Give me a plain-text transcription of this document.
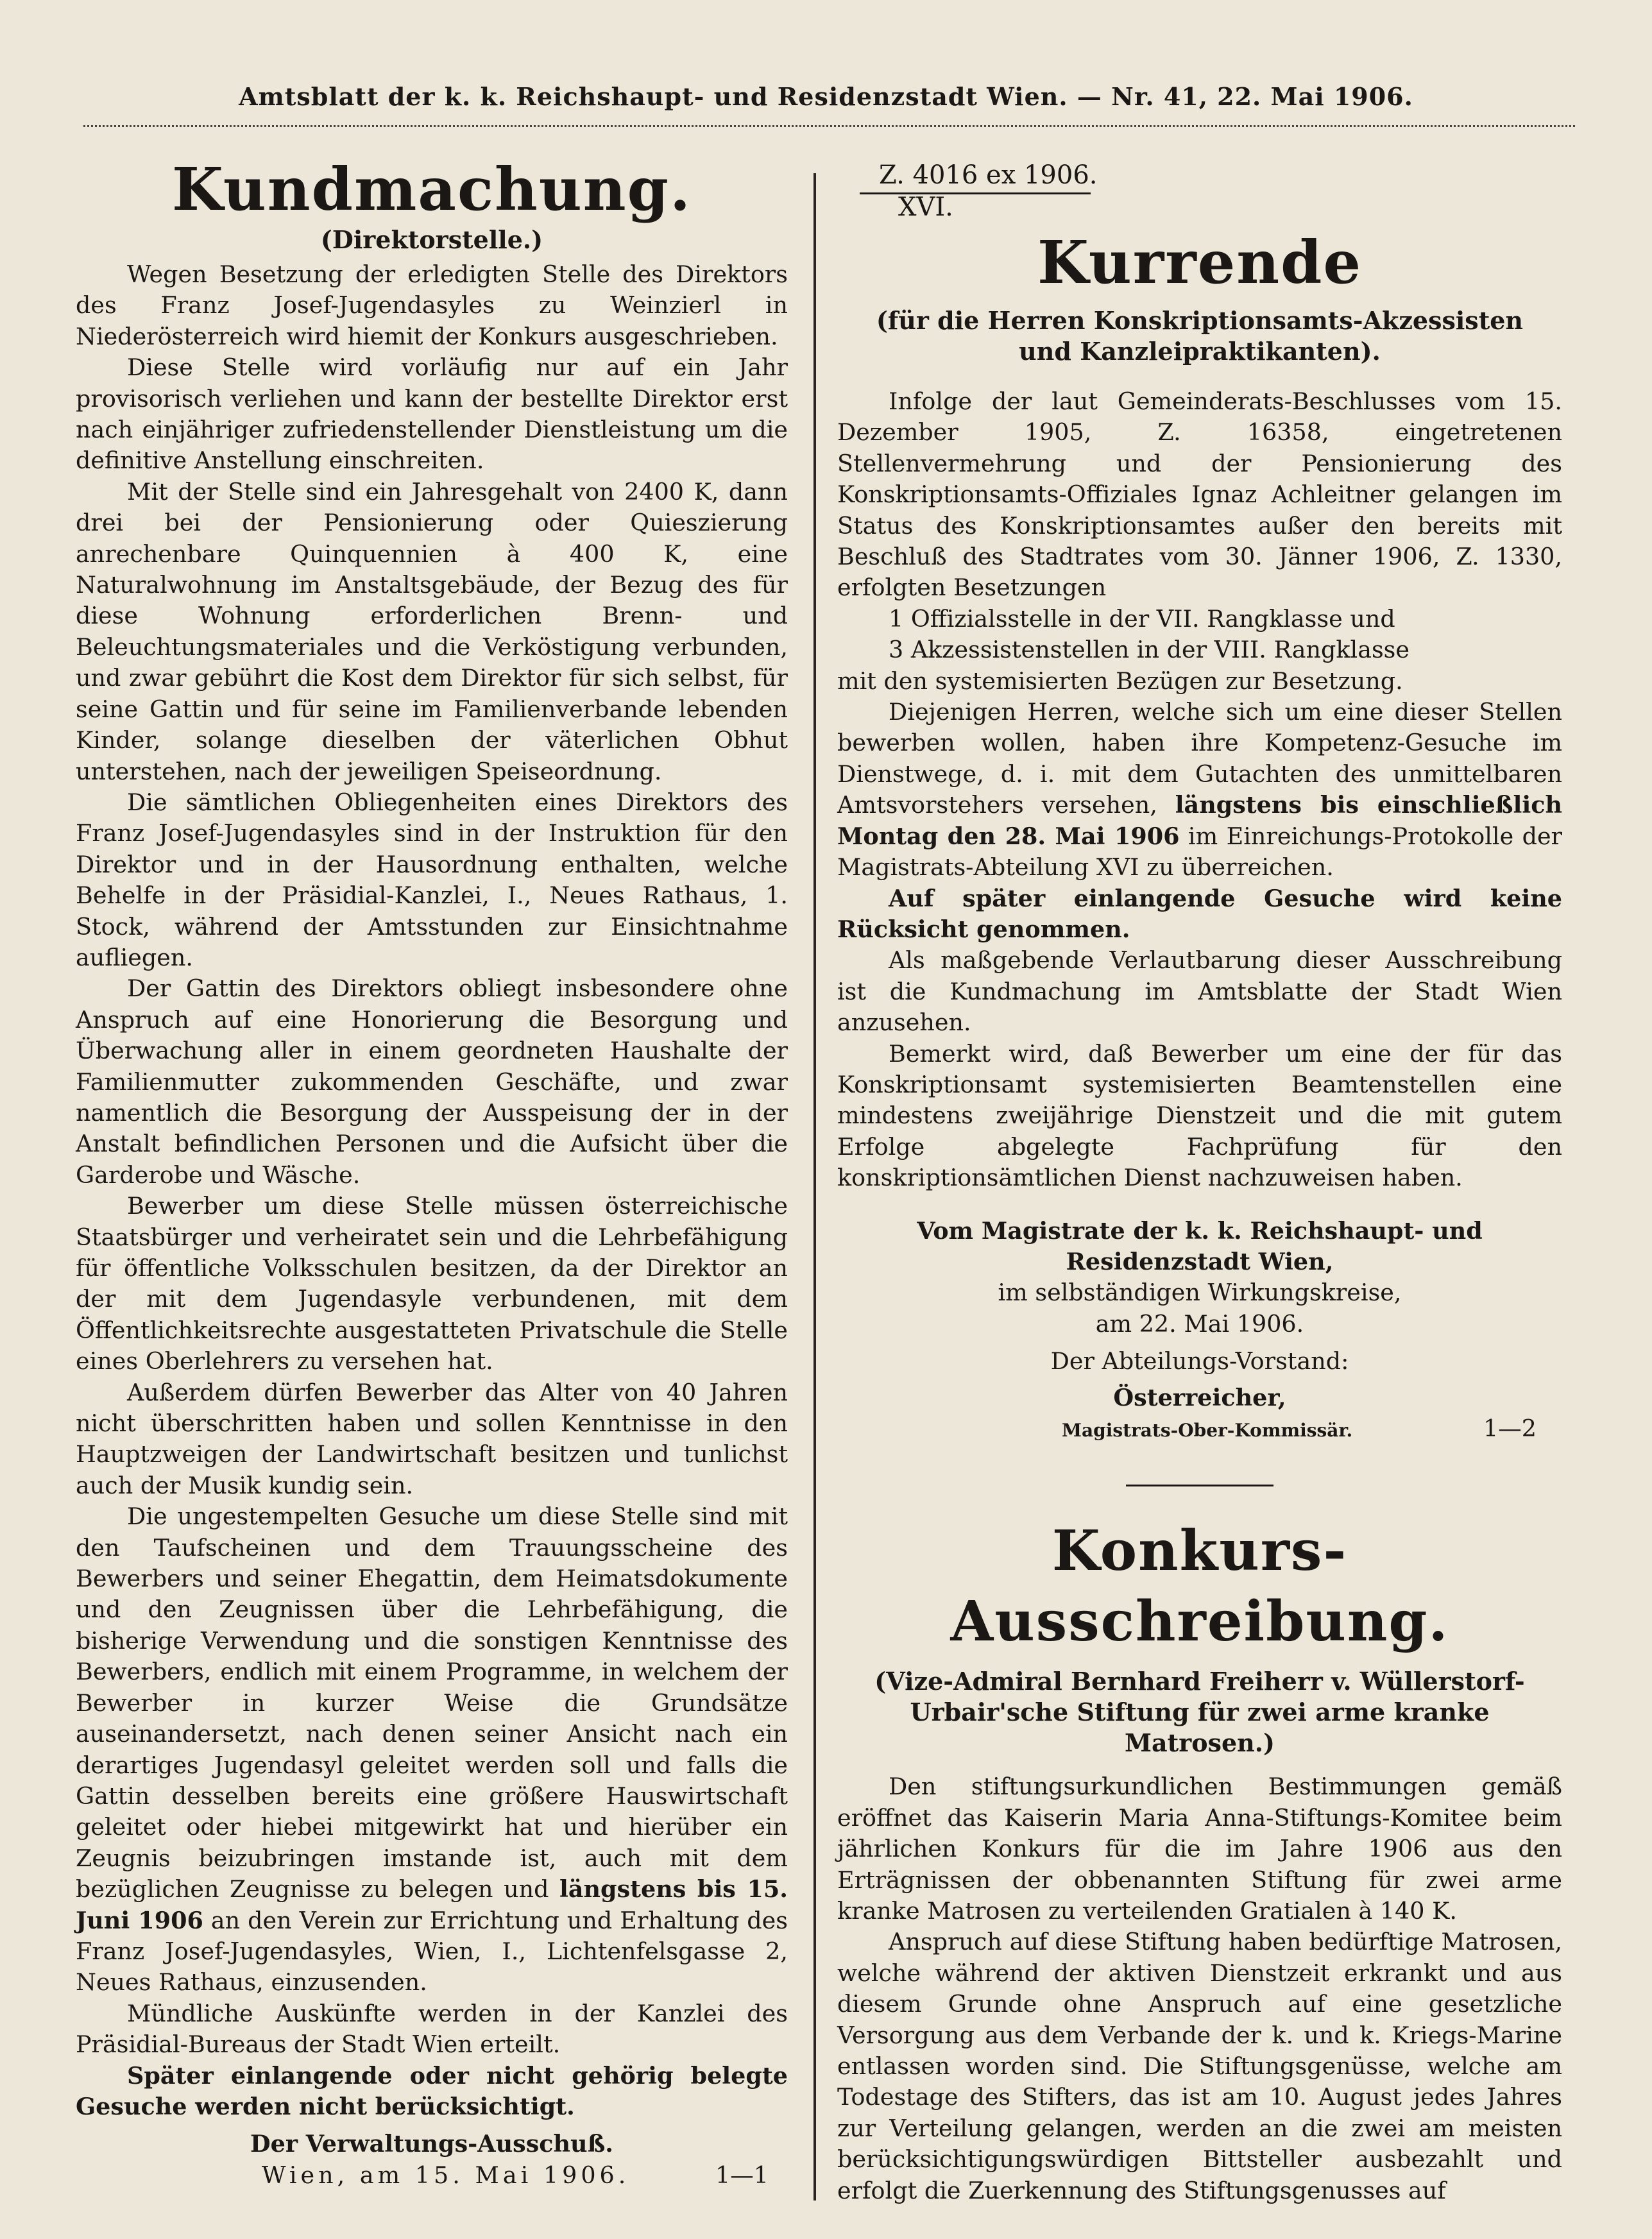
Amtsblatt der k. k. Reichshaupt- und Residenzstadt Wien. — Nr. 41, 22. Mai 1906.
Kundmachung.
(Direktorstelle.)

Wegen Besetzung der erledigten Stelle des Direktors des Franz Josef-Jugendasyles zu Weinzierl in Niederösterreich wird hiemit der Konkurs ausgeschrieben.

Diese Stelle wird vorläufig nur auf ein Jahr provisorisch verliehen und kann der bestellte Direktor erst nach einjähriger zufriedenstellender Dienstleistung um die definitive Anstellung einschreiten.

Mit der Stelle sind ein Jahresgehalt von 2400 K, dann drei bei der Pensionierung oder Quieszierung anrechenbare Quinquennien à 400 K, eine Naturalwohnung im Anstaltsgebäude, der Bezug des für diese Wohnung erforderlichen Brenn- und Beleuchtungsmateriales und die Verköstigung verbunden, und zwar gebührt die Kost dem Direktor für sich selbst, für seine Gattin und für seine im Familienverbande lebenden Kinder, solange dieselben der väterlichen Obhut unterstehen, nach der jeweiligen Speiseordnung.

Die sämtlichen Obliegenheiten eines Direktors des Franz Josef-Jugendasyles sind in der Instruktion für den Direktor und in der Hausordnung enthalten, welche Behelfe in der Präsidial-Kanzlei, I., Neues Rathaus, 1. Stock, während der Amtsstunden zur Einsichtnahme aufliegen.

Der Gattin des Direktors obliegt insbesondere ohne Anspruch auf eine Honorierung die Besorgung und Überwachung aller in einem geordneten Haushalte der Familienmutter zukommenden Geschäfte, und zwar namentlich die Besorgung der Ausspeisung der in der Anstalt befindlichen Personen und die Aufsicht über die Garderobe und Wäsche.

Bewerber um diese Stelle müssen österreichische Staatsbürger und verheiratet sein und die Lehrbefähigung für öffentliche Volksschulen besitzen, da der Direktor an der mit dem Jugendasyle verbundenen, mit dem Öffentlichkeitsrechte ausgestatteten Privatschule die Stelle eines Oberlehrers zu versehen hat.

Außerdem dürfen Bewerber das Alter von 40 Jahren nicht überschritten haben und sollen Kenntnisse in den Hauptzweigen der Landwirtschaft besitzen und tunlichst auch der Musik kundig sein.

Die ungestempelten Gesuche um diese Stelle sind mit den Taufscheinen und dem Trauungsscheine des Bewerbers und seiner Ehegattin, dem Heimatsdokumente und den Zeugnissen über die Lehrbefähigung, die bisherige Verwendung und die sonstigen Kenntnisse des Bewerbers, endlich mit einem Programme, in welchem der Bewerber in kurzer Weise die Grundsätze auseinandersetzt, nach denen seiner Ansicht nach ein derartiges Jugendasyl geleitet werden soll und falls die Gattin desselben bereits eine größere Hauswirtschaft geleitet oder hiebei mitgewirkt hat und hierüber ein Zeugnis beizubringen imstande ist, auch mit dem bezüglichen Zeugnisse zu belegen und längstens bis 15. Juni 1906 an den Verein zur Errichtung und Erhaltung des Franz Josef-Jugendasyles, Wien, I., Lichtenfelsgasse 2, Neues Rathaus, einzusenden.

Mündliche Auskünfte werden in der Kanzlei des Präsidial-Bureaus der Stadt Wien erteilt.

Später einlangende oder nicht gehörig belegte Gesuche werden nicht berücksichtigt.

Der Verwaltungs-Ausschuß.
Wien, am 15. Mai 1906.	1—1
Z. 4016 ex 1906.
XVI.
Kurrende
(für die Herren Konskriptionsamts-Akzessisten und Kanzleipraktikanten).

Infolge der laut Gemeinderats-Beschlusses vom 15. Dezember 1905, Z. 16358, eingetretenen Stellenvermehrung und der Pensionierung des Konskriptionsamts-Offiziales Ignaz Achleitner gelangen im Status des Konskriptionsamtes außer den bereits mit Beschluß des Stadtrates vom 30. Jänner 1906, Z. 1330, erfolgten Besetzungen

1 Offizialsstelle in der VII. Rangklasse und
3 Akzessistenstellen in der VIII. Rangklasse
mit den systemisierten Bezügen zur Besetzung.

Diejenigen Herren, welche sich um eine dieser Stellen bewerben wollen, haben ihre Kompetenz-Gesuche im Dienstwege, d. i. mit dem Gutachten des unmittelbaren Amtsvorstehers versehen, längstens bis einschließlich Montag den 28. Mai 1906 im Einreichungs-Protokolle der Magistrats-Abteilung XVI zu überreichen.

Auf später einlangende Gesuche wird keine Rücksicht genommen.

Als maßgebende Verlautbarung dieser Ausschreibung ist die Kundmachung im Amtsblatte der Stadt Wien anzusehen.

Bemerkt wird, daß Bewerber um eine der für das Konskriptionsamt systemisierten Beamtenstellen eine mindestens zweijährige Dienstzeit und die mit gutem Erfolge abgelegte Fachprüfung für den konskriptionsämtlichen Dienst nachzuweisen haben.

Vom Magistrate der k. k. Reichshaupt- und Residenzstadt Wien,
im selbständigen Wirkungskreise,
am 22. Mai 1906.
Der Abteilungs-Vorstand:
Österreicher,
Magistrats-Ober-Kommissär.	1—2
Konkurs-Ausschreibung.
(Vize-Admiral Bernhard Freiherr v. Wüllerstorf-Urbair'sche Stiftung für zwei arme kranke Matrosen.)

Den stiftungsurkundlichen Bestimmungen gemäß eröffnet das Kaiserin Maria Anna-Stiftungs-Komitee beim jährlichen Konkurs für die im Jahre 1906 aus den Erträgnissen der obbenannten Stiftung für zwei arme kranke Matrosen zu verteilenden Gratialen à 140 K.

Anspruch auf diese Stiftung haben bedürftige Matrosen, welche während der aktiven Dienstzeit erkrankt und aus diesem Grunde ohne Anspruch auf eine gesetzliche Versorgung aus dem Verbande der k. und k. Kriegs-Marine entlassen worden sind. Die Stiftungsgenüsse, welche am Todestage des Stifters, das ist am 10. August jedes Jahres zur Verteilung gelangen, werden an die zwei am meisten berücksichtigungswürdigen Bittsteller ausbezahlt und erfolgt die Zuerkennung des Stiftungsgenusses auf
